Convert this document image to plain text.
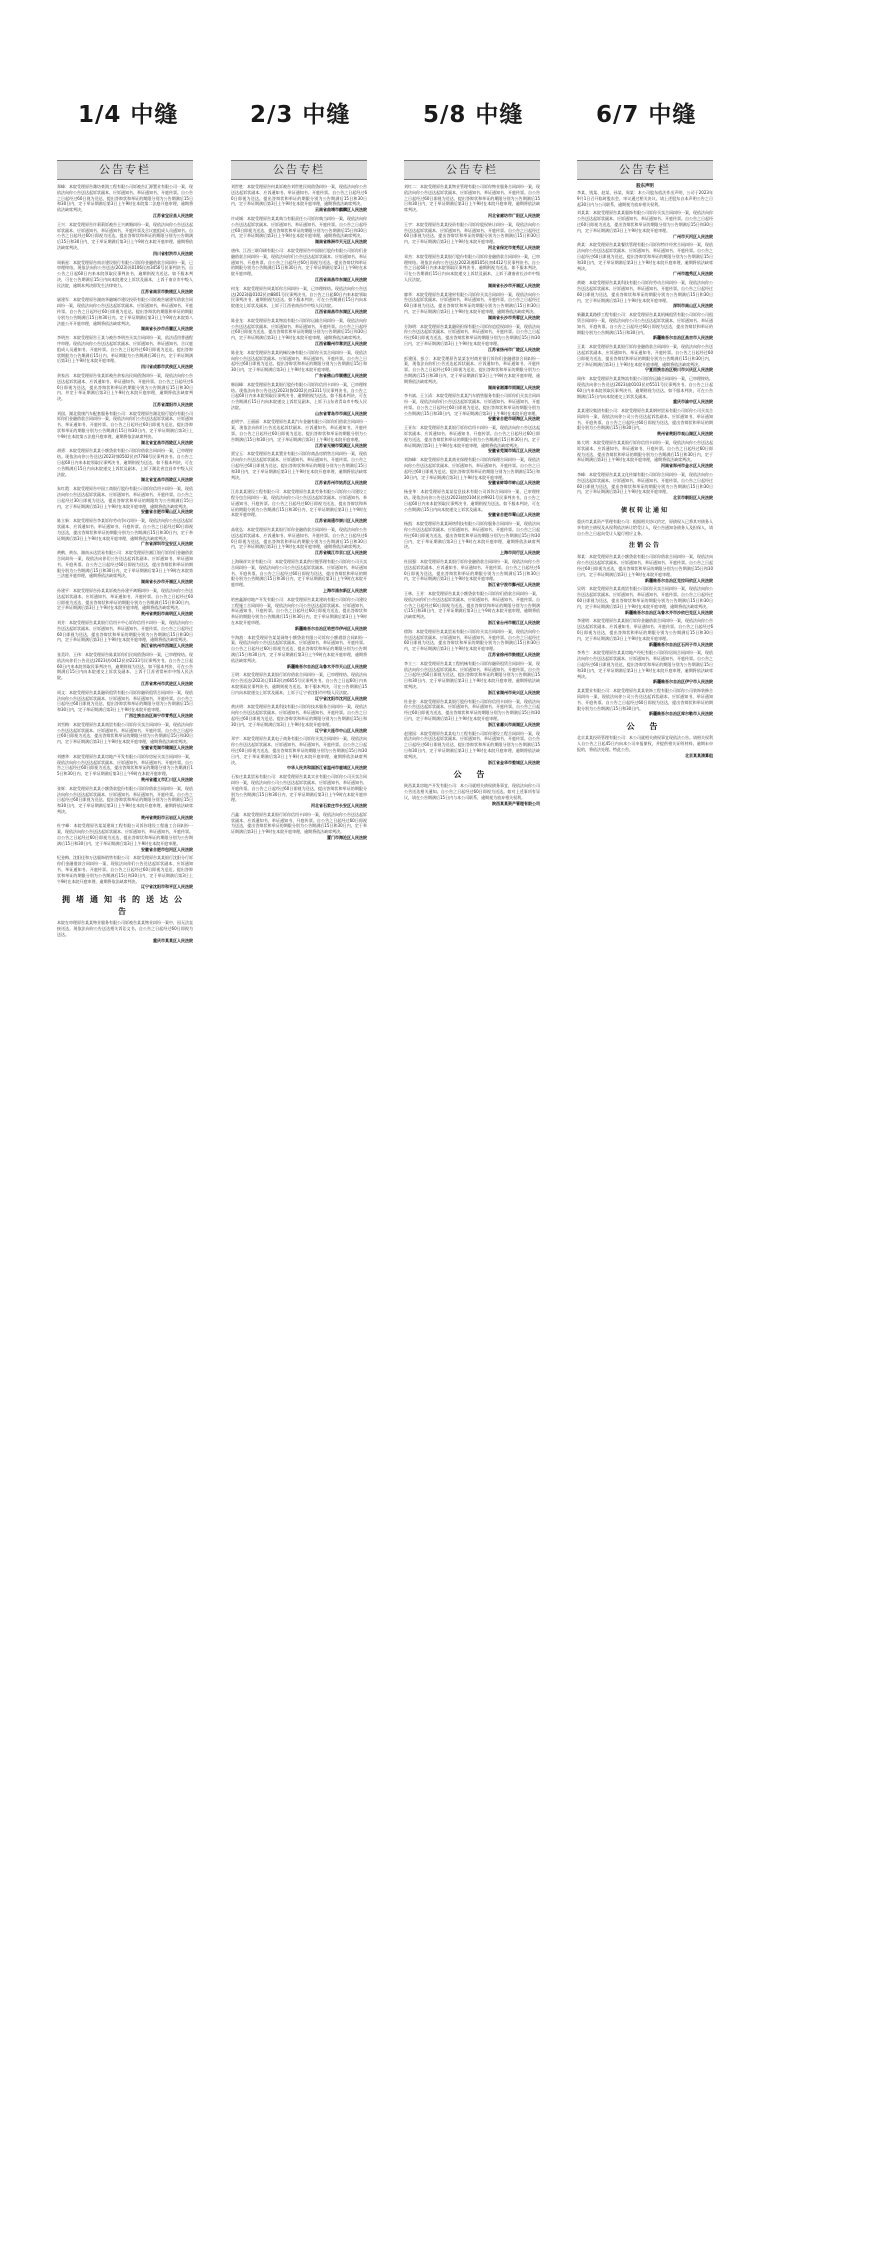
1/4 中缝	2/3 中缝	5/8 中缝	6/7 中缝
公告专栏
郑峰：本院受理原告潍坊豪润工程有限公司诉被告汇源置业有限公司一案，现依法向你公告送达起诉状副本、应诉通知书、举证通知书、开庭传票。自公告之日起经过60日视为送达，提出答辩状和举证的期限分别为公告期满后15日和30日内，定于举证期满后第3日上午9时在本院第二法庭开庭审理，逾期将依法缺席判决。
江苏省宝应县人民法院
王兴：本院受理原告许莉莉诉被告王兴离婚纠纷一案，现依法向你公告送达起诉状副本、应诉通知书、举证通知书、开庭传票及合议庭组成人员通知书。自公告之日起经过60日即视为送达。提出答辩状和举证的期限分别为公告期满后15日和30日内，定于举证期满后第3日上午9时在本院开庭审理，逾期将依法缺席判决。
四川省射洪市人民法院
周新星：本院受理原告南京建设银行有限公司诉你金融借款合同纠纷一案，已审理终结。现依法向你公告送达(2023)苏0106民初3456号民事判决书。自公告之日起60日内来本院领取民事判决书，逾期则视为送达。如不服本判决，可在公告期满后15日内向本院递交上诉状及副本，上诉于南京市中级人民法院，逾期本判决即发生法律效力。
江苏省南京市鼓楼区人民法院
屠建军：本院受理原告湖南华融城市建设投资有限公司诉被告屠建军借款合同纠纷一案，现依法向你公告送达起诉状副本、应诉通知书、举证通知书、开庭传票。自公告之日起经过60日即视为送达。提出答辩状的期限和举证的期限分别为公告期满后15日和30日内。定于举证期满后第3日上午9时在本院第八法庭公开开庭审理，逾期将依法缺席判决。
湖南省长沙市岳麓区人民法院
李明杰：本院受理原告王某与被告李明杰买卖合同纠纷一案，依法适用普通程序审理。现依法向你公告送达起诉状副本、应诉通知书、举证通知书、合议庭组成人员通知书、开庭传票。自公告之日起经过60日即视为送达。提出答辩状期限为公告期满后15日内，举证期限为公告期满后30日内，定于举证期满后第3日上午9时在本院开庭审理。
四川省成都市武侯区人民法院
余家昌：本院受理原告张某诉被告余家昌民间借贷纠纷一案，现依法向你公告送达起诉状副本、应诉通知书、举证通知书、开庭传票。自公告之日起经过60日即视为送达，提出答辩状和举证的期限分别为公告期满后15日和30日内，并定于举证期满后第3日上午9时在本院开庭审理，逾期将依法缺席判决。
江苏省溧阳市人民法院
刘国、湖北奥康汽车配套服务有限公司：本院受理原告湖北银行股份有限公司诉你们金融借款合同纠纷一案，现依法向你们公告送达起诉状副本、应诉通知书、举证通知书、开庭传票。自公告之日起经过60日即视为送达，提出答辩状和举证的期限分别为公告期满后15日和30日内，定于举证期满后第3日上午9时在本院第五法庭开庭审理，逾期将依法缺席判决。
湖北省宜昌市西陵区人民法院
胡勇：本院受理原告某某小额贷款有限公司诉你借款合同纠纷一案，已审理终结。现依法向你公告送达(2023)鄂0502民初7788号民事判决书。自公告之日起60日内来本院领取民事判决书，逾期则视为送达。如不服本判决，可在公告期满后15日内向本院递交上诉状及副本，上诉于湖北省宜昌市中级人民法院。
湖北省宜昌市西陵区人民法院
朱红霞：本院受理原告中国工商银行股份有限公司诉你信用卡纠纷一案，现依法向你公告送达起诉状副本、应诉通知书、举证通知书、开庭传票。自公告之日起经过30日即视为送达，提出答辩状和举证的期限均为公告期满后15日内，定于举证期满后第3日上午9时在本院开庭审理，逾期将依法缺席判决。
安徽省合肥市蜀山区人民法院
陈立新：本院受理原告李某诉你劳动争议纠纷一案，现依法向你公告送达起诉状副本、应诉通知书、举证通知书、开庭传票。自公告之日起经过60日即视为送达，提出答辩状和举证的期限分别为公告期满后15日和30日内，定于举证期满后第3日上午9时在本院开庭审理，逾期将依法缺席判决。
广东省深圳市宝安区人民法院
黄鹤、黄东、湖南永达贸易有限公司：本院受理原告湘江银行诉你们金融借款合同纠纷一案，现依法向你们公告送达起诉状副本、应诉通知书、举证通知书、开庭传票。自公告之日起经过60日即视为送达，提出答辩状和举证的期限分别为公告期满后15日和30日内，定于举证期满后第3日上午9时在本院第三法庭开庭审理，逾期将依法缺席判决。
湖南省长沙市开福区人民法院
孙建平：本院受理原告孙某某诉被告孙建平离婚纠纷一案，现依法向你公告送达起诉状副本、应诉通知书、举证通知书、开庭传票。自公告之日起经过60日即视为送达，提出答辩状和举证的期限分别为公告期满后15日和30日内，定于举证期满后第3日上午9时在本院开庭审理，逾期将依法缺席判决。
贵州省贵阳市南明区人民法院
刘芳：本院受理原告某某银行信用卡中心诉你信用卡纠纷一案，现依法向你公告送达起诉状副本、应诉通知书、举证通知书、开庭传票。自公告之日起经过60日即视为送达，提出答辩状和举证的期限分别为公告期满后15日和30日内，定于举证期满后第3日上午9时在本院开庭审理，逾期将依法缺席判决。
浙江省杭州市西湖区人民法院
张美玲、王伟：本院受理原告陈某诉你们民间借贷纠纷一案，已审理终结。现依法向你们公告送达(2023)苏0412民初2233号民事判决书。自公告之日起60日内来本院领取民事判决书，逾期则视为送达。如不服本判决，可在公告期满后15日内向本院递交上诉状及副本，上诉于江苏省常州市中级人民法院。
江苏省常州市武进区人民法院
周文：本院受理原告某某融资租赁有限公司诉你融资租赁合同纠纷一案，现依法向你公告送达起诉状副本、应诉通知书、举证通知书、开庭传票。自公告之日起经过60日即视为送达，提出答辩状和举证的期限分别为公告期满后15日和30日内，定于举证期满后第3日上午9时在本院开庭审理。
广西壮族自治区南宁市青秀区人民法院
刘雪梅：本院受理原告某某商贸有限公司诉你买卖合同纠纷一案，现依法向你公告送达起诉状副本、应诉通知书、举证通知书、开庭传票。自公告之日起经过60日即视为送达，提出答辩状和举证的期限分别为公告期满后15日和30日内，定于举证期满后第3日上午9时在本院开庭审理，逾期将依法缺席判决。
安徽省芜湖市镜湖区人民法院
刘德华：本院受理原告某某房地产开发有限公司诉你房屋买卖合同纠纷一案，现依法向你公告送达起诉状副本、应诉通知书、举证通知书、开庭传票。自公告之日起经过60日即视为送达，提出答辩状和举证的期限分别为公告期满后15日和30日内，定于举证期满后第3日上午9时在本院开庭审理。
贵州省遵义市汇川区人民法院
张辉：本院受理原告某某小额贷款股份有限公司诉你借款合同纠纷一案，现依法向你公告送达起诉状副本、应诉通知书、举证通知书、开庭传票。自公告之日起经过60日即视为送达，提出答辩状和举证的期限分别为公告期满后15日和30日内，定于举证期满后第3日上午9时在本院开庭审理，逾期将依法缺席判决。
贵州省贵阳市云岩区人民法院
杜宇峰：本院受理原告某某建筑工程有限公司诉你建设工程施工合同纠纷一案，现依法向你公告送达起诉状副本、应诉通知书、举证通知书、开庭传票。自公告之日起经过60日即视为送达，提出答辩状和举证的期限分别为公告期满后15日和30日内，定于举证期满后第3日上午9时在本院开庭审理。
安徽省合肥市包河区人民法院
纪金梅、沈阳佳和万达服饰销售有限公司：本院受理原告某某银行沈阳分行诉你们金融借款合同纠纷一案，现依法向你们公告送达起诉状副本、应诉通知书、举证通知书、开庭传票。自公告之日起经过60日即视为送达，提出答辩状和举证的期限分别为公告期满后15日和30日内，定于举证期满后第3日上午9时在本院开庭审理，逾期将依法缺席判决。
辽宁省沈阳市和平区人民法院
拥堵通知书的送达公告
本院在审理原告某某物业服务有限公司诉被告某某物业纠纷一案中，因无法直接送达，现依法向你公告送达相关诉讼文书。自公告之日起经过60日即视为送达。
重庆市某某区人民法院
公告专栏
刘世胜：本院受理原告何某诉被告刘世胜民间借贷纠纷一案，现依法向你公告送达起诉状副本、应诉通知书、举证通知书、开庭传票。自公告之日起经过60日即视为送达。提出答辩状和举证的期限分别为公告期满后15日和30日内，定于举证期满后第3日上午9时在本院开庭审理，逾期将依法缺席判决。
云南省曲靖市麒麟区人民法院
许成城：本院受理原告某某典当有限责任公司诉你典当纠纷一案，现依法向你公告送达起诉状副本、应诉通知书、举证通知书、开庭传票。自公告之日起经过60日即视为送达，提出答辩状和举证的期限分别为公告期满后15日和30日内，定于举证期满后第3日上午9时在本院开庭审理，逾期将依法缺席判决。
湖南省株洲市天元区人民法院
唐伟、江西三联印刷有限公司：本院受理原告中国银行股份有限公司诉你们金融借款合同纠纷一案，现依法向你们公告送达起诉状副本、应诉通知书、举证通知书、开庭传票。自公告之日起经过60日即视为送达，提出答辩状和举证的期限分别为公告期满后15日和30日内，定于举证期满后第3日上午9时在本院开庭审理。
江西省南昌市东湖区人民法院
何龙：本院受理原告周某诉你合同纠纷一案，已审理终结。现依法向你公告送达(2023)赣0102民初8801号民事判决书。自公告之日起60日内来本院领取民事判决书，逾期则视为送达。如不服本判决，可在公告期满后15日内向本院递交上诉状及副本，上诉于江西省南昌市中级人民法院。
江西省南昌市东湖区人民法院
陈金龙：本院受理原告某某物流有限公司诉你运输合同纠纷一案，现依法向你公告送达起诉状副本、应诉通知书、举证通知书、开庭传票。自公告之日起经过60日即视为送达，提出答辩状和举证的期限分别为公告期满后15日和30日内，定于举证期满后第3日上午9时在本院开庭审理，逾期将依法缺席判决。
江西省赣州市章贡区人民法院
陈金龙：本院受理原告某某机械设备有限公司诉你买卖合同纠纷一案，现依法向你公告送达起诉状副本、应诉通知书、举证通知书、开庭传票。自公告之日起经过60日即视为送达，提出答辩状和举证的期限分别为公告期满后15日和30日内，定于举证期满后第3日上午9时在本院开庭审理。
广东省佛山市顺德区人民法院
韩国峰：本院受理原告某某银行股份有限公司诉你信用卡纠纷一案，已审理终结。现依法向你公告送达(2023)鲁0202民初3311号民事判决书。自公告之日起60日内来本院领取民事判决书，逾期则视为送达。如不服本判决，可在公告期满后15日内向本院递交上诉状及副本，上诉于山东省青岛市中级人民法院。
山东省青岛市市南区人民法院
赵明宇、王丽丽：本院受理原告某某汽车金融有限公司诉你们借款合同纠纷一案，现依法向你们公告送达起诉状副本、应诉通知书、举证通知书、开庭传票。自公告之日起经过60日即视为送达，提出答辩状和举证的期限分别为公告期满后15日和30日内，定于举证期满后第3日上午9时在本院开庭审理。
江苏省无锡市梁溪区人民法院
贾宝玉：本院受理原告某某置业有限公司诉你商品房销售合同纠纷一案，现依法向你公告送达起诉状副本、应诉通知书、举证通知书、开庭传票。自公告之日起经过60日即视为送达，提出答辩状和举证的期限分别为公告期满后15日和30日内，定于举证期满后第3日上午9时在本院开庭审理，逾期将依法缺席判决。
江苏省苏州市姑苏区人民法院
江苏某某建设工程有限公司：本院受理原告某某劳务有限公司诉你公司建设工程分包合同纠纷一案，现依法向你公司公告送达起诉状副本、应诉通知书、举证通知书、开庭传票。自公告之日起经过60日即视为送达，提出答辩状和举证的期限分别为公告期满后15日和30日内，定于举证期满后第3日上午9时在本院开庭审理。
江苏省南通市崇川区人民法院
高欣弘：本院受理原告某某银行诉你金融借款合同纠纷一案，现依法向你公告送达起诉状副本、应诉通知书、举证通知书、开庭传票。自公告之日起经过60日即视为送达，提出答辩状和举证的期限分别为公告期满后15日和30日内，定于举证期满后第3日上午9时在本院开庭审理，逾期将依法缺席判决。
江苏省镇江市京口区人民法院
上海瑞祥实业有限公司：本院受理原告某某供应链管理有限公司诉你公司买卖合同纠纷一案，现依法向你公司公告送达起诉状副本、应诉通知书、举证通知书、开庭传票。自公告之日起经过60日即视为送达，提出答辩状和举证的期限分别为公告期满后15日和30日内，定于举证期满后第3日上午9时在本院开庭审理。
上海市浦东新区人民法院
哈密鑫源房地产开发有限公司：本院受理原告某某建筑有限公司诉你公司建设工程施工合同纠纷一案，现依法向你公司公告送达起诉状副本、应诉通知书、举证通知书、开庭传票。自公告之日起经过60日即视为送达，提出答辩状和举证的期限分别为公告期满后15日和30日内，定于举证期满后第3日上午9时在本院开庭审理。
新疆维吾尔自治区哈密市伊州区人民法院
牛海波：本院受理原告某某网络小额贷款有限公司诉你小额借款合同纠纷一案，现依法向你公告送达起诉状副本、应诉通知书、举证通知书、开庭传票。自公告之日起经过60日即视为送达，提出答辩状和举证的期限分别为公告期满后15日和30日内，定于举证期满后第3日上午9时在本院开庭审理，逾期将依法缺席判决。
新疆维吾尔自治区乌鲁木齐市天山区人民法院
王明：本院受理原告某某银行诉你借款合同纠纷一案，已审理终结。现依法向你公告送达(2023)辽0103民初6655号民事判决书。自公告之日起60日内来本院领取民事判决书，逾期则视为送达。如不服本判决，可在公告期满后15日内向本院递交上诉状及副本，上诉于辽宁省沈阳市中级人民法院。
辽宁省沈阳市沈河区人民法院
黄庆明：本院受理原告某某科技有限公司诉你技术服务合同纠纷一案，现依法向你公告送达起诉状副本、应诉通知书、举证通知书、开庭传票。自公告之日起经过60日即视为送达，提出答辩状和举证的期限分别为公告期满后15日和30日内，定于举证期满后第3日上午9时在本院开庭审理。
辽宁省大连市中山区人民法院
邓宇：本院受理原告某某电子商务有限公司诉你买卖合同纠纷一案，现依法向你公告送达起诉状副本、应诉通知书、举证通知书、开庭传票。自公告之日起经过60日即视为送达，提出答辩状和举证的期限分别为公告期满后15日和30日内，定于举证期满后第3日上午9时在本院开庭审理，逾期将依法缺席判决。
中华人民共和国浙江省温州市鹿城区人民法院
石家庄某某贸易有限公司：本院受理原告某某实业有限公司诉你公司买卖合同纠纷一案，现依法向你公司公告送达起诉状副本、应诉通知书、举证通知书、开庭传票。自公告之日起经过60日即视为送达，提出答辩状和举证的期限分别为公告期满后15日和30日内，定于举证期满后第3日上午9时在本院开庭审理。
河北省石家庄市长安区人民法院
吕鑫：本院受理原告某某银行诉你信用卡纠纷一案，现依法向你公告送达起诉状副本、应诉通知书、举证通知书、开庭传票。自公告之日起经过60日即视为送达，提出答辩状和举证的期限分别为公告期满后15日和30日内，定于举证期满后第3日上午9时在本院开庭审理，逾期将依法缺席判决。
厦门市海沧区人民法院
公告专栏
刘红二：本院受理原告某某物业管理有限公司诉你物业服务合同纠纷一案，现依法向你公告送达起诉状副本、应诉通知书、举证通知书、开庭传票。自公告之日起经过60日即视为送达，提出答辩状和举证的期限分别为公告期满后15日和30日内，定于举证期满后第3日上午9时在本院开庭审理，逾期将依法缺席判决。
河北省廊坊市广阳区人民法院
王宇：本院受理原告某某投资有限公司诉你股权转让纠纷一案，现依法向你公告送达起诉状副本、应诉通知书、举证通知书、开庭传票。自公告之日起经过60日即视为送达，提出答辩状和举证的期限分别为公告期满后15日和30日内，定于举证期满后第3日上午9时在本院开庭审理。
河北省保定市竞秀区人民法院
邓杰：本院受理原告某某银行股份有限公司诉你金融借款合同纠纷一案，已审理终结。现依法向你公告送达(2023)湘0105民初4412号民事判决书。自公告之日起60日内来本院领取民事判决书，逾期则视为送达。如不服本判决，可在公告期满后15日内向本院递交上诉状及副本，上诉于湖南省长沙市中级人民法院。
湖南省长沙市开福区人民法院
廖华：本院受理原告某某建材有限公司诉你买卖合同纠纷一案，现依法向你公告送达起诉状副本、应诉通知书、举证通知书、开庭传票。自公告之日起经过60日即视为送达，提出答辩状和举证的期限分别为公告期满后15日和30日内，定于举证期满后第3日上午9时在本院开庭审理，逾期将依法缺席判决。
湖南省长沙市芙蓉区人民法院
方海明：本院受理原告某某融资担保有限公司诉你追偿权纠纷一案，现依法向你公告送达起诉状副本、应诉通知书、举证通知书、开庭传票。自公告之日起经过60日即视为送达，提出答辩状和举证的期限分别为公告期满后15日和30日内，定于举证期满后第3日上午9时在本院开庭审理。
江苏省扬州市广陵区人民法院
彭建国、彭立：本院受理原告某某农村商业银行诉你们金融借款合同纠纷一案，现依法向你们公告送达起诉状副本、应诉通知书、举证通知书、开庭传票。自公告之日起经过60日即视为送达，提出答辩状和举证的期限分别为公告期满后15日和30日内，定于举证期满后第3日上午9时在本院开庭审理，逾期将依法缺席判决。
湖南省湘潭市雨湖区人民法院
李书斌、王立清：本院受理原告某某汽车销售服务有限公司诉你们买卖合同纠纷一案，现依法向你们公告送达起诉状副本、应诉通知书、举证通知书、开庭传票。自公告之日起经过60日即视为送达，提出答辩状和举证的期限分别为公告期满后15日和30日内，定于举证期满后第3日上午9时在本院开庭审理。
安徽省合肥市瑶海区人民法院
王亚东：本院受理原告某某银行诉你信用卡纠纷一案，现依法向你公告送达起诉状副本、应诉通知书、举证通知书、开庭传票。自公告之日起经过60日即视为送达，提出答辩状和举证的期限分别为公告期满后15日和30日内，定于举证期满后第3日上午9时在本院开庭审理，逾期将依法缺席判决。
安徽省芜湖市鸠江区人民法院
刘海峰：本院受理原告某某商业保理有限公司诉你保理合同纠纷一案，现依法向你公告送达起诉状副本、应诉通知书、举证通知书、开庭传票。自公告之日起经过60日即视为送达，提出答辩状和举证的期限分别为公告期满后15日和30日内，定于举证期满后第3日上午9时在本院开庭审理。
安徽省蚌埠市蚌山区人民法院
杨金华：本院受理原告某某信息技术有限公司诉你合同纠纷一案，已审理终结。现依法向你公告送达(2023)皖0104民初9921号民事判决书。自公告之日起60日内来本院领取民事判决书，逾期则视为送达。如不服本判决，可在公告期满后15日内向本院递交上诉状及副本。
安徽省合肥市蜀山区人民法院
杨凯：本院受理原告某某网络科技有限公司诉你服务合同纠纷一案，现依法向你公告送达起诉状副本、应诉通知书、举证通知书、开庭传票。自公告之日起经过60日即视为送达，提出答辩状和举证的期限分别为公告期满后15日和30日内，定于举证期满后第3日上午9时在本院开庭审理，逾期将依法缺席判决。
上海市闵行区人民法院
杜国强：本院受理原告某某银行诉你金融借款合同纠纷一案，现依法向你公告送达起诉状副本、应诉通知书、举证通知书、开庭传票。自公告之日起经过60日即视为送达，提出答辩状和举证的期限分别为公告期满后15日和30日内，定于举证期满后第3日上午9时在本院开庭审理。
浙江省宁波市鄞州区人民法院
王林、王芳：本院受理原告某某小额贷款有限公司诉你们借款合同纠纷一案，现依法向你们公告送达起诉状副本、应诉通知书、举证通知书、开庭传票。自公告之日起经过60日即视为送达，提出答辩状和举证的期限分别为公告期满后15日和30日内，定于举证期满后第3日上午9时在本院开庭审理，逾期将依法缺席判决。
浙江省台州市椒江区人民法院
徐海：本院受理原告某某贸易有限公司诉你买卖合同纠纷一案，现依法向你公告送达起诉状副本、应诉通知书、举证通知书、开庭传票。自公告之日起经过60日即视为送达，提出答辩状和举证的期限分别为公告期满后15日和30日内，定于举证期满后第3日上午9时在本院开庭审理。
江苏省徐州市鼓楼区人民法院
李立三：本院受理原告某某工程机械有限公司诉你融资租赁合同纠纷一案，现依法向你公告送达起诉状副本、应诉通知书、举证通知书、开庭传票。自公告之日起经过60日即视为送达，提出答辩状和举证的期限分别为公告期满后15日和30日内，定于举证期满后第3日上午9时在本院开庭审理，逾期将依法缺席判决。
浙江省湖州市吴兴区人民法院
杜金金：本院受理原告某某银行股份有限公司诉你信用卡纠纷一案，现依法向你公告送达起诉状副本、应诉通知书、举证通知书、开庭传票。自公告之日起经过60日即视为送达，提出答辩状和举证的期限分别为公告期满后15日和30日内，定于举证期满后第3日上午9时在本院开庭审理。
浙江省嘉兴市南湖区人民法院
赵建国：本院受理原告某某电力工程有限公司诉你建设工程合同纠纷一案，现依法向你公告送达起诉状副本、应诉通知书、举证通知书、开庭传票。自公告之日起经过60日即视为送达，提出答辩状和举证的期限分别为公告期满后15日和30日内，定于举证期满后第3日上午9时在本院开庭审理，逾期将依法缺席判决。
浙江省金华市婺城区人民法院
公 告
陕西某某房地产开发有限公司：本公司就相关债权债务事宜，现依法向你公司公告送达相关通知。自公告之日起经过60日即视为送达。如对上述事项有异议，请在公告期满后15日内与本公司联系，逾期视为放弃相关权利。
陕西某某资产管理有限公司
公告专栏
股东声明
李某、钱某、赵某、孙某、周某：本公司股东依法作出声明，公司于2023年9月1日召开临时股东会，审议通过相关决议。请上述股东自本声明公告之日起30日内与公司联系，逾期视为放弃相关权利。
刘某某：本院受理原告某某服饰有限公司诉你买卖合同纠纷一案，现依法向你公告送达起诉状副本、应诉通知书、举证通知书、开庭传票。自公告之日起经过60日即视为送达，提出答辩状和举证的期限分别为公告期满后15日和30日内，定于举证期满后第3日上午9时在本院开庭审理。
广州市天河区人民法院
黄某：本院受理原告某某餐饮管理有限公司诉你特许经营合同纠纷一案，现依法向你公告送达起诉状副本、应诉通知书、举证通知书、开庭传票。自公告之日起经过60日即视为送达，提出答辩状和举证的期限分别为公告期满后15日和30日内，定于举证期满后第3日上午9时在本院开庭审理，逾期将依法缺席判决。
广州市越秀区人民法院
黄晓：本院受理原告某某科技有限公司诉你劳动合同纠纷一案，现依法向你公告送达起诉状副本、应诉通知书、举证通知书、开庭传票。自公告之日起经过60日即视为送达，提出答辩状和举证的期限分别为公告期满后15日和30日内，定于举证期满后第3日上午9时在本院开庭审理。
深圳市南山区人民法院
新疆某某路桥工程有限公司：本院受理原告某某机械租赁有限公司诉你公司租赁合同纠纷一案，现依法向你公司公告送达起诉状副本、应诉通知书、举证通知书、开庭传票。自公告之日起经过60日即视为送达，提出答辩状和举证的期限分别为公告期满后15日和30日内。
新疆维吾尔自治区昌吉市人民法院
王某：本院受理原告某某银行诉你金融借款合同纠纷一案，现依法向你公告送达起诉状副本、应诉通知书、举证通知书、开庭传票。自公告之日起经过60日即视为送达，提出答辩状和举证的期限分别为公告期满后15日和30日内，定于举证期满后第3日上午9时在本院开庭审理，逾期将依法缺席判决。
宁夏回族自治区银川市兴庆区人民法院
周伟：本院受理原告某某物流有限公司诉你运输合同纠纷一案，已审理终结。现依法向你公告送达(2023)渝0103民初5511号民事判决书。自公告之日起60日内来本院领取民事判决书，逾期则视为送达。如不服本判决，可在公告期满后15日内向本院递交上诉状及副本。
重庆市渝中区人民法院
某某建设集团有限公司：本院受理原告某某钢材贸易有限公司诉你公司买卖合同纠纷一案，现依法向你公司公告送达起诉状副本、应诉通知书、举证通知书、开庭传票。自公告之日起经过60日即视为送达，提出答辩状和举证的期限分别为公告期满后15日和30日内。
贵州省贵阳市观山湖区人民法院
陈大明：本院受理原告某某银行诉你信用卡纠纷一案，现依法向你公告送达起诉状副本、应诉通知书、举证通知书、开庭传票。自公告之日起经过60日即视为送达，提出答辩状和举证的期限分别为公告期满后15日和30日内，定于举证期满后第3日上午9时在本院开庭审理，逾期将依法缺席判决。
河南省郑州市金水区人民法院
李峰：本院受理原告某某文化传媒有限公司诉你合同纠纷一案，现依法向你公告送达起诉状副本、应诉通知书、举证通知书、开庭传票。自公告之日起经过60日即视为送达，提出答辩状和举证的期限分别为公告期满后15日和30日内，定于举证期满后第3日上午9时在本院开庭审理。
北京市朝阳区人民法院
债权转让通知
重庆市某某资产管理有限公司：根据相关协议约定，原债权人已将其对债务人享有的主债权及从权利依法转让给受让人，现公告通知各债务人及担保人，请自公告之日起向受让人履行相应义务。
注销公告
郑某：本院受理原告某某小额贷款有限公司诉你借款合同纠纷一案，现依法向你公告送达起诉状副本、应诉通知书、举证通知书、开庭传票。自公告之日起经过60日即视为送达，提出答辩状和举证的期限分别为公告期满后15日和30日内，定于举证期满后第3日上午9时在本院开庭审理。
新疆维吾尔自治区克拉玛依区人民法院
吴明：本院受理原告某某商贸有限公司诉你买卖合同纠纷一案，现依法向你公告送达起诉状副本、应诉通知书、举证通知书、开庭传票。自公告之日起经过60日即视为送达，提出答辩状和举证的期限分别为公告期满后15日和30日内，定于举证期满后第3日上午9时在本院开庭审理，逾期将依法缺席判决。
新疆维吾尔自治区乌鲁木齐市沙依巴克区人民法院
李建明：本院受理原告某某银行诉你金融借款合同纠纷一案，现依法向你公告送达起诉状副本、应诉通知书、举证通知书、开庭传票。自公告之日起经过60日即视为送达，提出答辩状和举证的期限分别为公告期满后15日和30日内，定于举证期满后第3日上午9时在本院开庭审理。
新疆维吾尔自治区石河子市人民法院
李秀兰：本院受理原告某某房地产经纪有限公司诉你居间合同纠纷一案，现依法向你公告送达起诉状副本、应诉通知书、举证通知书、开庭传票。自公告之日起经过60日即视为送达，提出答辩状和举证的期限分别为公告期满后15日和30日内，定于举证期满后第3日上午9时在本院开庭审理，逾期将依法缺席判决。
新疆维吾尔自治区伊宁市人民法院
某某置业有限公司：本院受理原告某某装饰工程有限公司诉你公司装饰装修合同纠纷一案，现依法向你公司公告送达起诉状副本、应诉通知书、举证通知书、开庭传票。自公告之日起经过60日即视为送达，提出答辩状和举证的期限分别为公告期满后15日和30日内。
新疆维吾尔自治区库尔勒市人民法院
公 告
北京某某投资管理有限公司：本公司就相关债权事宜现依法公告。请相关权利人自公告之日起45日内向本公司申报债权，并提供相关证明材料。逾期未申报的，将依法处理。特此公告。
北京某某清算组
